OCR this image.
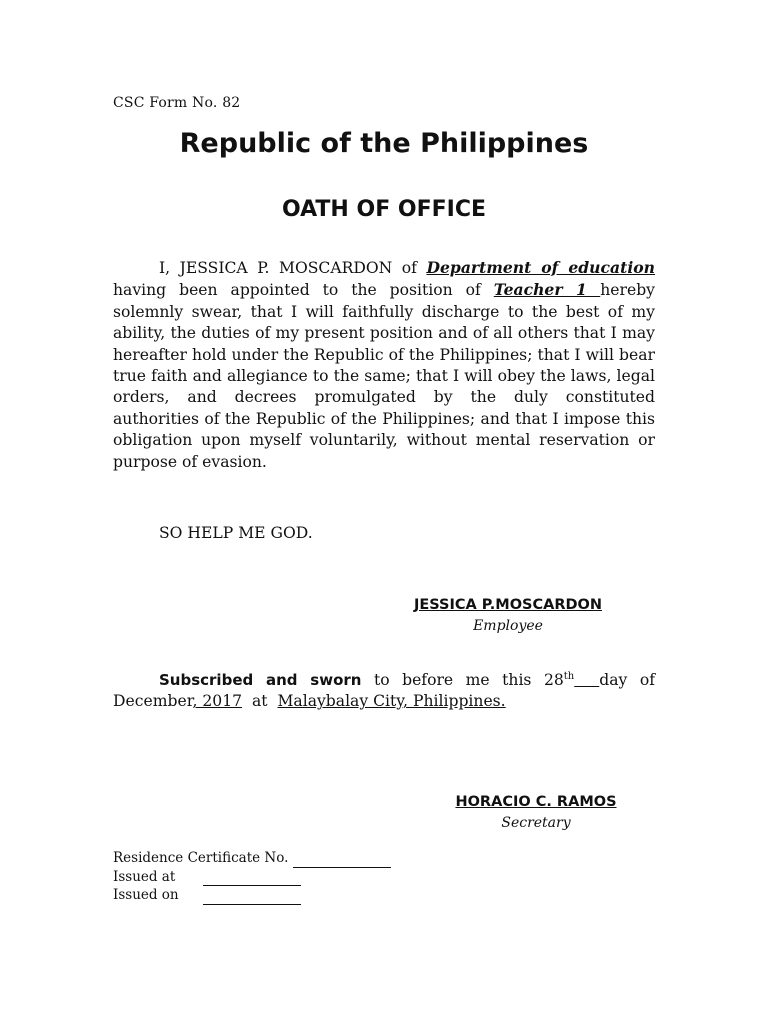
CSC Form No. 82
Republic of the Philippines
OATH OF OFFICE

I, JESSICA P. MOSCARDON of Department of education having been appointed to the position of Teacher 1 hereby solemnly swear, that I will faithfully discharge to the best of my ability, the duties of my present position and of all others that I may hereafter hold under the Republic of the Philippines; that I will bear true faith and allegiance to the same; that I will obey the laws, legal orders, and decrees promulgated by the duly constituted authorities of the Republic of the Philippines; and that I impose this obligation upon myself voluntarily, without mental reservation or purpose of evasion.

SO HELP ME GOD.
JESSICA P.MOSCARDON
Employee

Subscribed and sworn to before me this 28th day of December, 2017  at  Malaybalay City, Philippines.

HORACIO C. RAMOS
Secretary
Residence Certificate No.
Issued at
Issued on
